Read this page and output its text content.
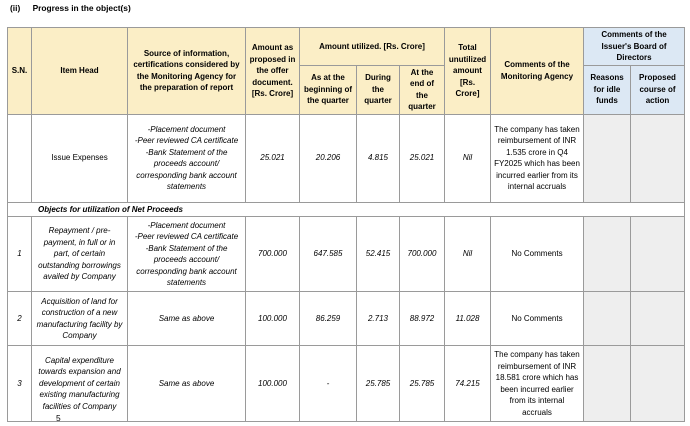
(ii) Progress in the object(s)
S.N.	Item Head	Source of information, certifications considered by the Monitoring Agency for the preparation of report	Amount as proposed in the offer document. [Rs. Crore]	Amount utilized. [Rs. Crore]			Total unutilized amount [Rs. Crore]	Comments of the Monitoring Agency	Comments of the Issuer's Board of Directors	
				As at the beginning of the quarter	During the quarter	At the end of the quarter			Reasons for idle funds	Proposed course of action
	Issue Expenses	-Placement document
-Peer reviewed CA certificate
-Bank Statement of the proceeds account/ corresponding bank account statements	25.021	20.206	4.815	25.021	Nil	The company has taken reimbursement of INR 1.535 crore in Q4 FY2025 which has been incurred earlier from its internal accruals		
Objects for utilization of Net Proceeds										
1	Repayment / pre-payment, in full or in part, of certain outstanding borrowings availed by Company	-Placement document
-Peer reviewed CA certificate
-Bank Statement of the proceeds account/ corresponding bank account statements	700.000	647.585	52.415	700.000	Nil	No Comments		
2	Acquisition of land for construction of a new manufacturing facility by Company	Same as above	100.000	86.259	2.713	88.972	11.028	No Comments		
3	Capital expenditure towards expansion and development of certain existing manufacturing facilities of Company	Same as above	100.000	-	25.785	25.785	74.215	The company has taken reimbursement of INR 18.581 crore which has been incurred earlier from its internal accruals		
5
